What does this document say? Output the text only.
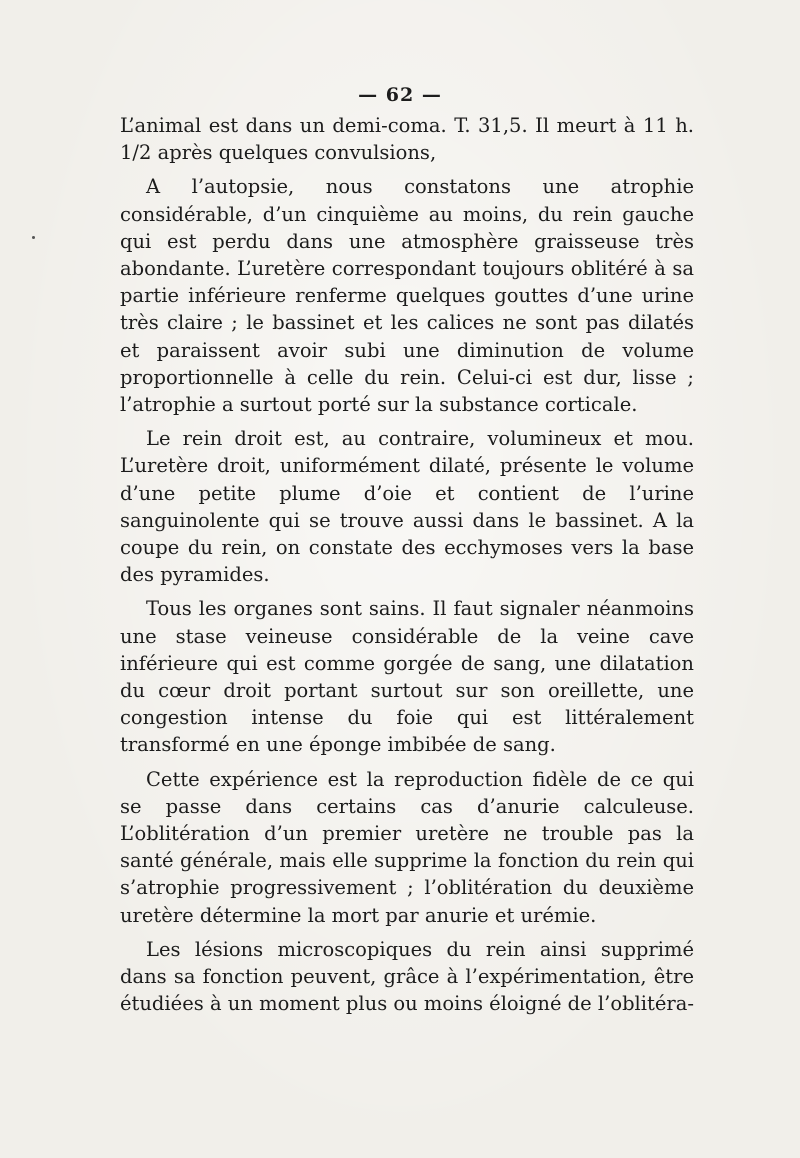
— 62 —

L’animal est dans un demi-coma. T. 31,5. Il meurt à 11 h. 1/2 après quelques convulsions,

A l’autopsie, nous constatons une atrophie considérable, d’un cinquième au moins, du rein gauche qui est perdu dans une atmosphère graisseuse très abondante. L’uretère correspondant toujours oblitéré à sa partie inférieure renferme quelques gouttes d’une urine très claire ; le bassinet et les calices ne sont pas dilatés et paraissent avoir subi une diminution de volume proportionnelle à celle du rein. Celui-ci est dur, lisse ; l’atrophie a surtout porté sur la substance corticale.

Le rein droit est, au contraire, volumineux et mou. L’uretère droit, uniformément dilaté, présente le volume d’une petite plume d’oie et contient de l’urine sanguinolente qui se trouve aussi dans le bassinet. A la coupe du rein, on constate des ecchymoses vers la base des pyramides.

Tous les organes sont sains. Il faut signaler néanmoins une stase veineuse considérable de la veine cave inférieure qui est comme gorgée de sang, une dilatation du cœur droit portant surtout sur son oreillette, une congestion intense du foie qui est littéralement transformé en une éponge imbibée de sang.

Cette expérience est la reproduction fidèle de ce qui se passe dans certains cas d’anurie calculeuse. L’oblitération d’un premier uretère ne trouble pas la santé générale, mais elle supprime la fonction du rein qui s’atrophie progressivement ; l’oblitération du deuxième uretère détermine la mort par anurie et urémie.

Les lésions microscopiques du rein ainsi supprimé dans sa fonction peuvent, grâce à l’expérimentation, être étudiées à un moment plus ou moins éloigné de l’oblitéra-
